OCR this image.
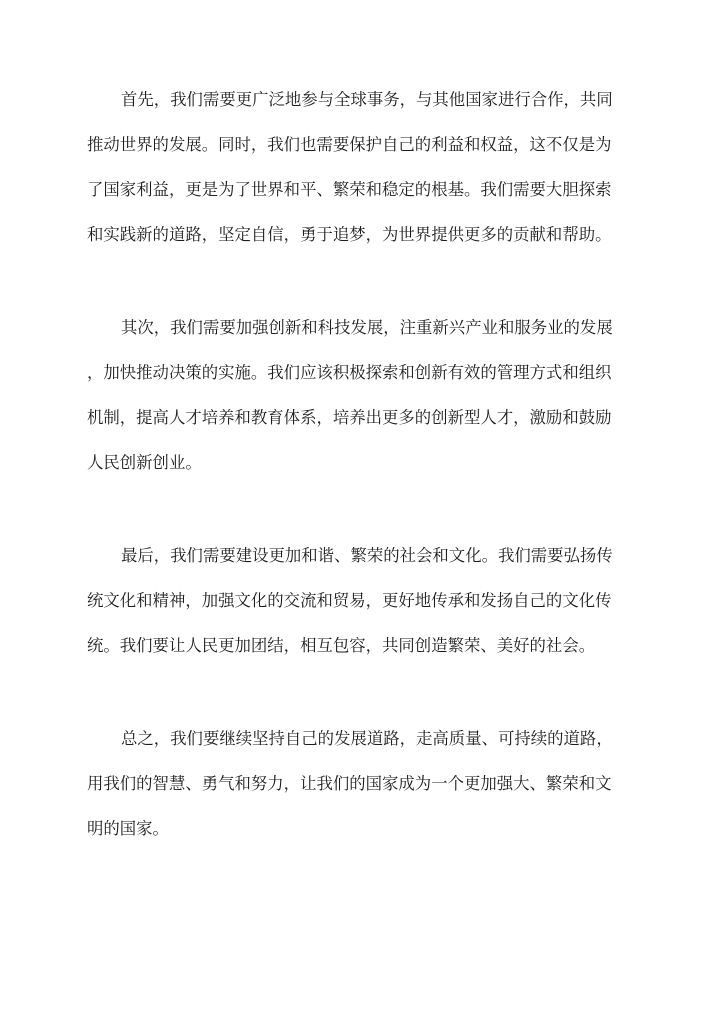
首先，我们需要更广泛地参与全球事务，与其他国家进行合作，共同
推动世界的发展。同时，我们也需要保护自己的利益和权益，这不仅是为
了国家利益，更是为了世界和平、繁荣和稳定的根基。我们需要大胆探索
和实践新的道路，坚定自信，勇于追梦，为世界提供更多的贡献和帮助。

其次，我们需要加强创新和科技发展，注重新兴产业和服务业的发展
，加快推动决策的实施。我们应该积极探索和创新有效的管理方式和组织
机制，提高人才培养和教育体系，培养出更多的创新型人才，激励和鼓励
人民创新创业。

最后，我们需要建设更加和谐、繁荣的社会和文化。我们需要弘扬传
统文化和精神，加强文化的交流和贸易，更好地传承和发扬自己的文化传
统。我们要让人民更加团结，相互包容，共同创造繁荣、美好的社会。

总之，我们要继续坚持自己的发展道路，走高质量、可持续的道路，
用我们的智慧、勇气和努力，让我们的国家成为一个更加强大、繁荣和文
明的国家。
